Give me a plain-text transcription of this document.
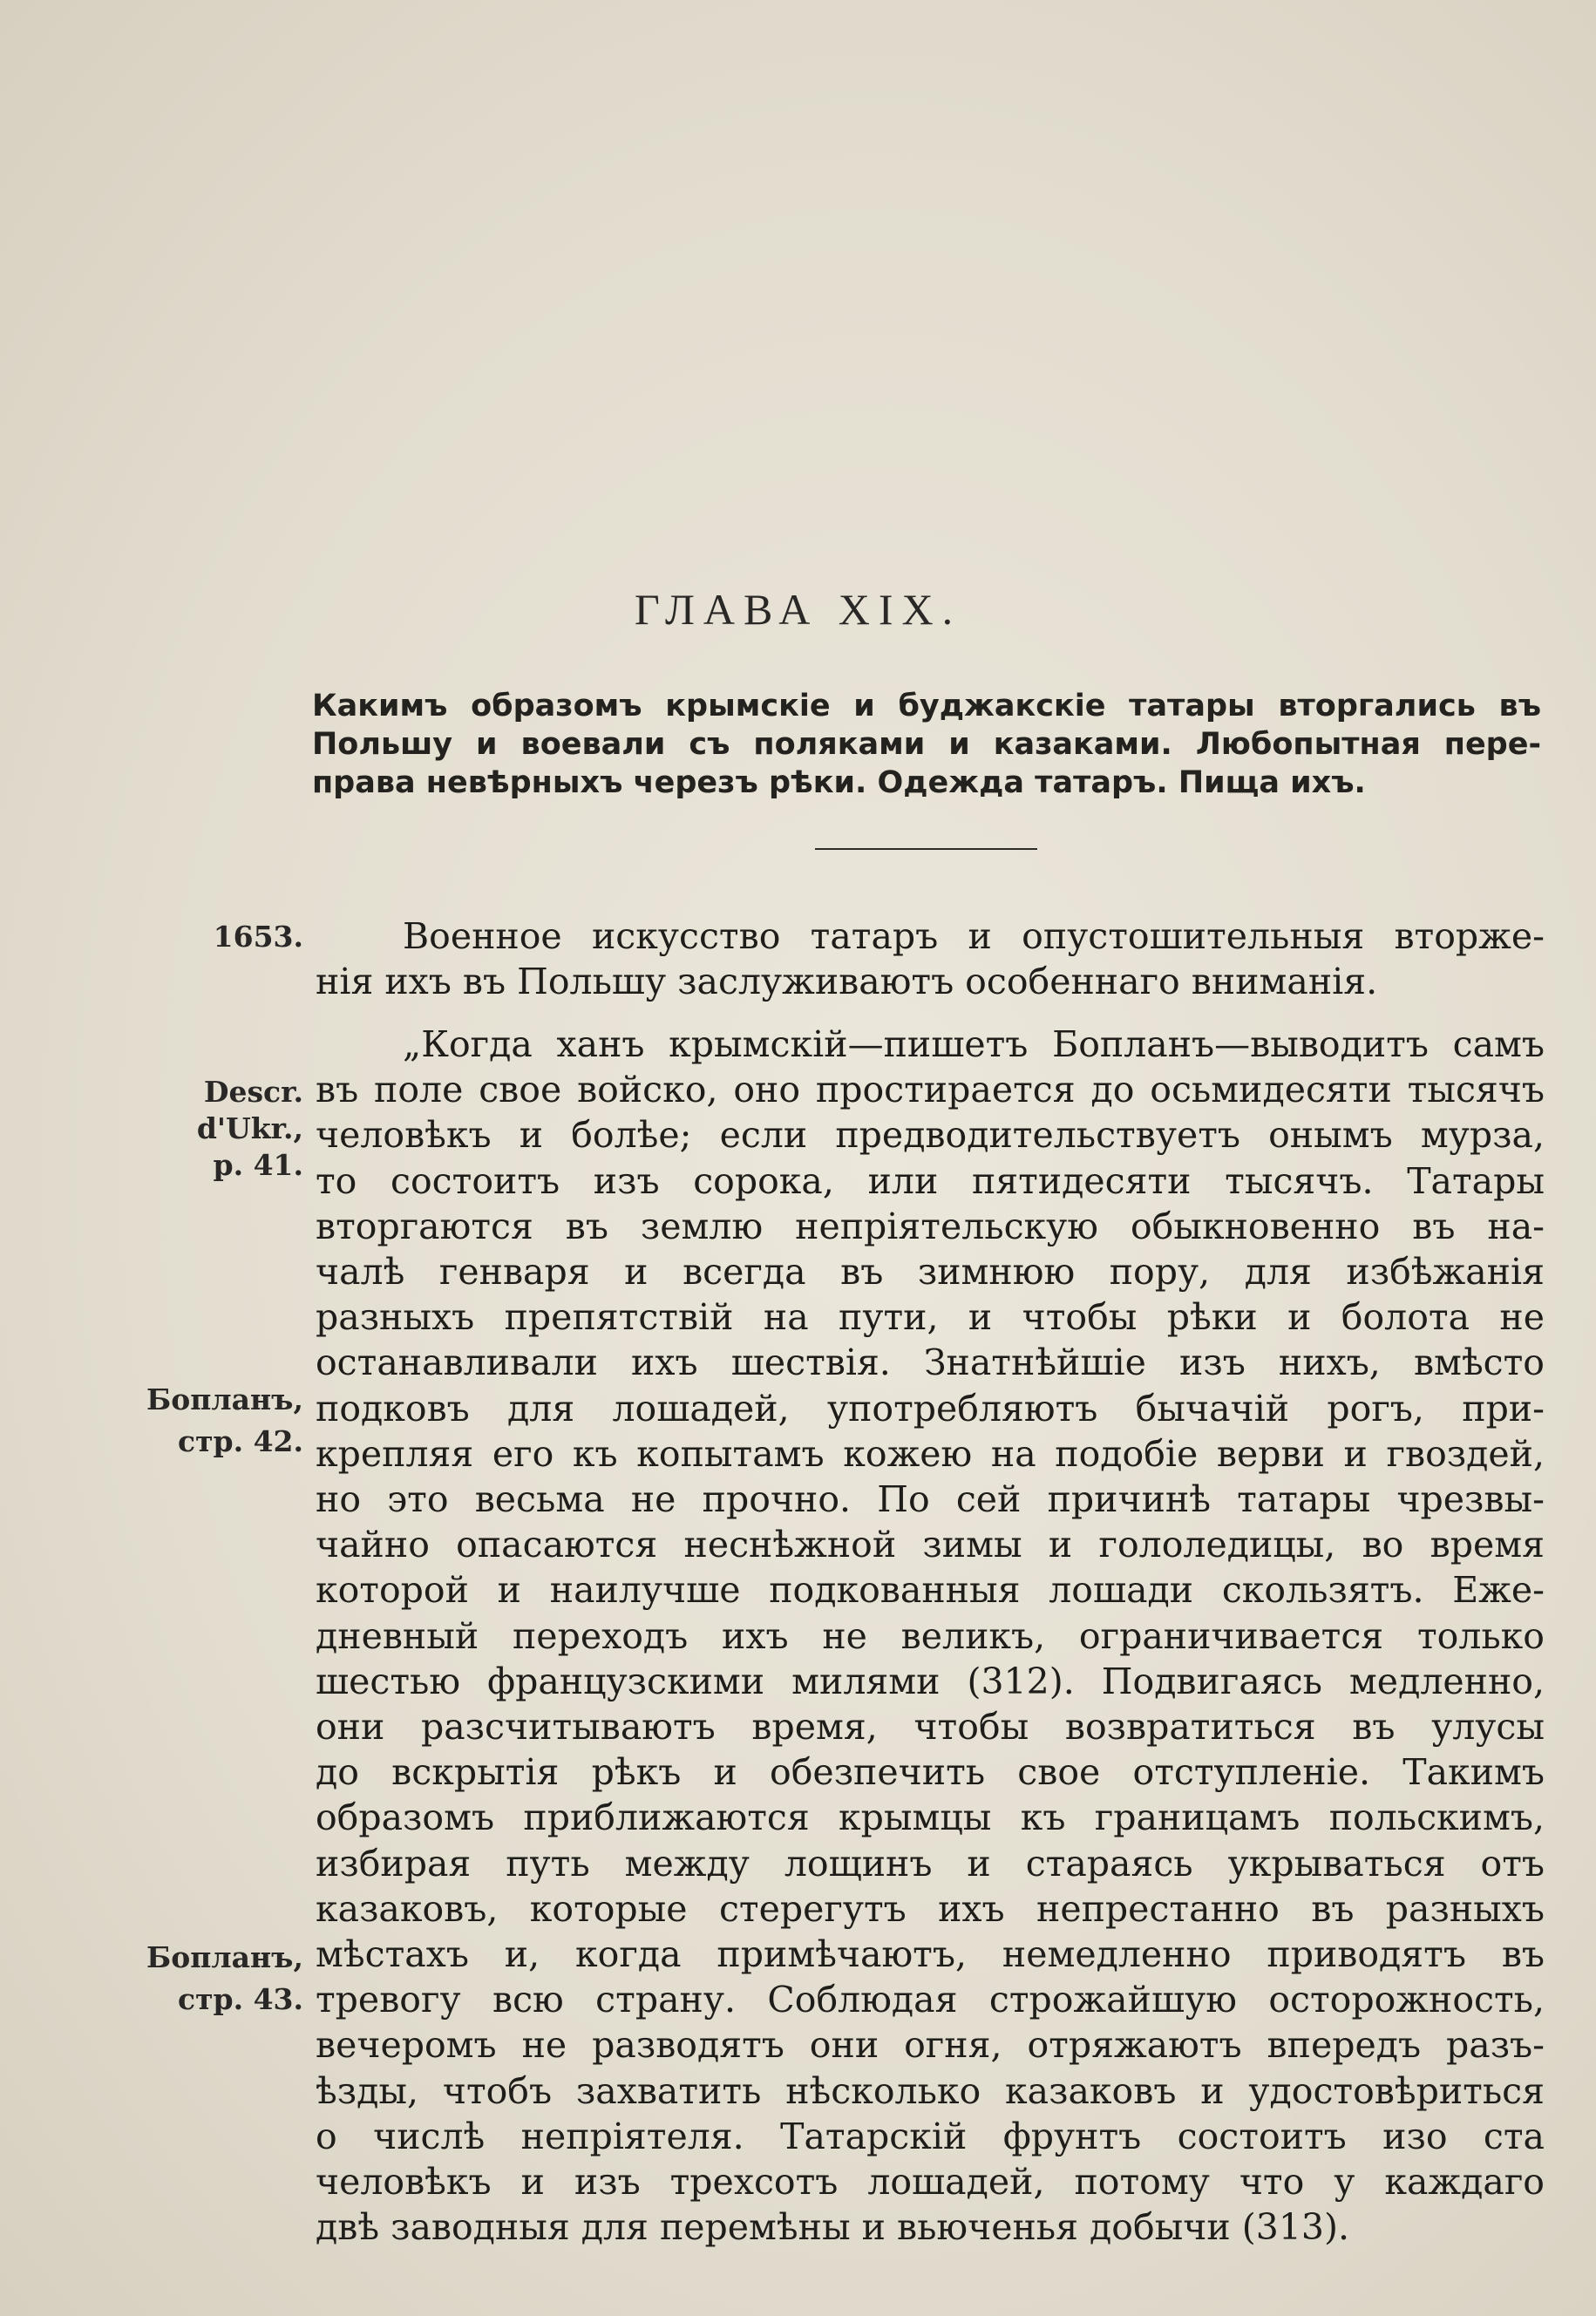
ГЛАВА XIX.
Какимъ образомъ крымскіе и буджакскіе татары вторгались въ
Польшу и воевали съ поляками и казаками. Любопытная пере-
права невѣрныхъ черезъ рѣки. Одежда татаръ. Пища ихъ.
1653.
Descr.
d'Ukr.,
p. 41.
Бопланъ,
стр. 42.
Бопланъ,
стр. 43.
Военное искусство татаръ и опустошительныя вторже-
нія ихъ въ Польшу заслуживаютъ особеннаго вниманія.
„Когда ханъ крымскій—пишетъ Бопланъ—выводитъ самъ
въ поле свое войско, оно простирается до осьмидесяти тысячъ
человѣкъ и болѣе; если предводительствуетъ онымъ мурза,
то состоитъ изъ сорока, или пятидесяти тысячъ. Татары
вторгаются въ землю непріятельскую обыкновенно въ на-
чалѣ генваря и всегда въ зимнюю пору, для избѣжанія
разныхъ препятствій на пути, и чтобы рѣки и болота не
останавливали ихъ шествія. Знатнѣйшіе изъ нихъ, вмѣсто
подковъ для лошадей, употребляютъ бычачій рогъ, при-
крепляя его къ копытамъ кожею на подобіе верви и гвоздей,
но это весьма не прочно. По сей причинѣ татары чрезвы-
чайно опасаются неснѣжной зимы и гололедицы, во время
которой и наилучше подкованныя лошади скользятъ. Еже-
дневный переходъ ихъ не великъ, ограничивается только
шестью французскими милями (312). Подвигаясь медленно,
они разсчитываютъ время, чтобы возвратиться въ улусы
до вскрытія рѣкъ и обезпечить свое отступленіе. Такимъ
образомъ приближаются крымцы къ границамъ польскимъ,
избирая путь между лощинъ и стараясь укрываться отъ
казаковъ, которые стерегутъ ихъ непрестанно въ разныхъ
мѣстахъ и, когда примѣчаютъ, немедленно приводятъ въ
тревогу всю страну. Соблюдая строжайшую осторожность,
вечеромъ не разводятъ они огня, отряжаютъ впередъ разъ-
ѣзды, чтобъ захватить нѣсколько казаковъ и удостовѣриться
о числѣ непріятеля. Татарскій фрунтъ состоитъ изо ста
человѣкъ и изъ трехсотъ лошадей, потому что у каждаго
двѣ заводныя для перемѣны и вьюченья добычи (313).
